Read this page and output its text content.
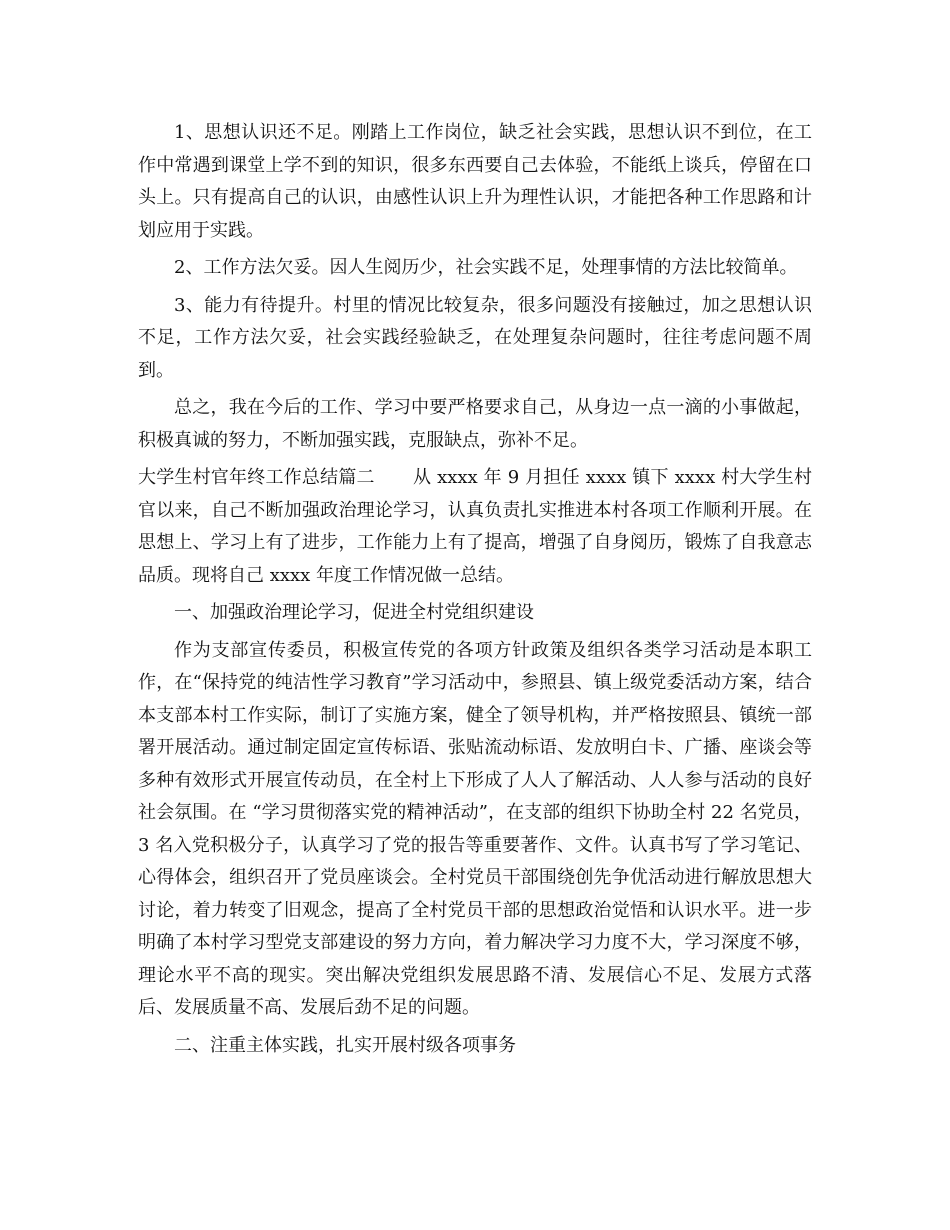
1、思想认识还不足。刚踏上工作岗位，缺乏社会实践，思想认识不到位，在工作中常遇到课堂上学不到的知识，很多东西要自己去体验，不能纸上谈兵，停留在口头上。只有提高自己的认识，由感性认识上升为理性认识，才能把各种工作思路和计划应用于实践。

2、工作方法欠妥。因人生阅历少，社会实践不足，处理事情的方法比较简单。

3、能力有待提升。村里的情况比较复杂，很多问题没有接触过，加之思想认识不足，工作方法欠妥，社会实践经验缺乏，在处理复杂问题时，往往考虑问题不周到。

总之，我在今后的工作、学习中要严格要求自己，从身边一点一滴的小事做起，积极真诚的努力，不断加强实践，克服缺点，弥补不足。

大学生村官年终工作总结篇二 从 xxxx 年 9 月担任 xxxx 镇下 xxxx 村大学生村官以来，自己不断加强政治理论学习，认真负责扎实推进本村各项工作顺利开展。在思想上、学习上有了进步，工作能力上有了提高，增强了自身阅历，锻炼了自我意志品质。现将自己 xxxx 年度工作情况做一总结。

一、加强政治理论学习，促进全村党组织建设

作为支部宣传委员，积极宣传党的各项方针政策及组织各类学习活动是本职工作，在“保持党的纯洁性学习教育”学习活动中，参照县、镇上级党委活动方案，结合本支部本村工作实际，制订了实施方案，健全了领导机构，并严格按照县、镇统一部署开展活动。通过制定固定宣传标语、张贴流动标语、发放明白卡、广播、座谈会等多种有效形式开展宣传动员，在全村上下形成了人人了解活动、人人参与活动的良好社会氛围。在 “学习贯彻落实党的精神活动”，在支部的组织下协助全村 22 名党员，3 名入党积极分子，认真学习了党的报告等重要著作、文件。认真书写了学习笔记、心得体会，组织召开了党员座谈会。全村党员干部围绕创先争优活动进行解放思想大讨论，着力转变了旧观念，提高了全村党员干部的思想政治觉悟和认识水平。进一步明确了本村学习型党支部建设的努力方向，着力解决学习力度不大，学习深度不够，理论水平不高的现实。突出解决党组织发展思路不清、发展信心不足、发展方式落后、发展质量不高、发展后劲不足的问题。

二、注重主体实践，扎实开展村级各项事务
